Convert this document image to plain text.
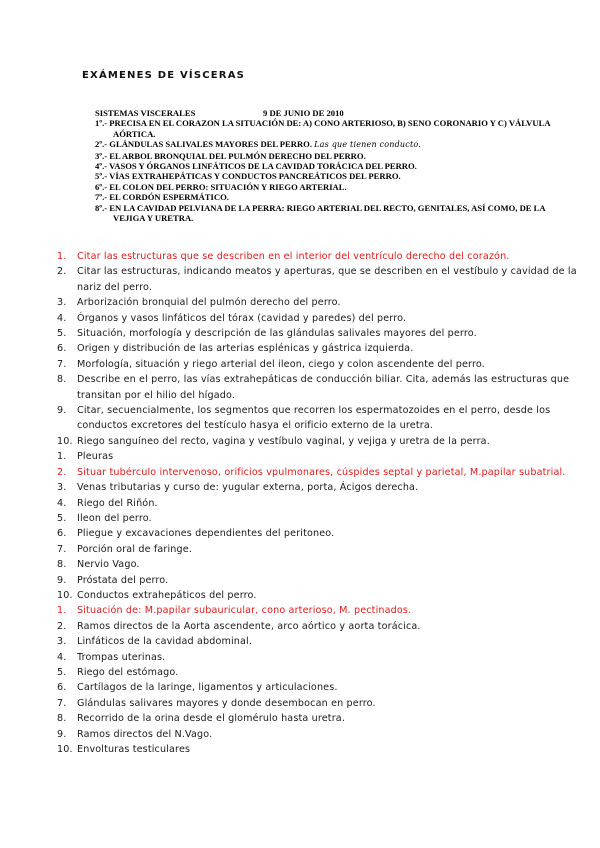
EXÁMENES DE VÍSCERAS
SISTEMAS VISCERALES	9 DE JUNIO DE 2010
1º.- PRECISA EN EL CORAZON LA SITUACIÓN DE: A) CONO ARTERIOSO, B) SENO CORONARIO Y C) VÁLVULA
AÓRTICA.
2º.- GLÁNDULAS SALIVALES MAYORES DEL PERRO. Las que tienen conducto.
3º.- EL ARBOL BRONQUIAL DEL PULMÓN DERECHO DEL PERRO.
4º.- VASOS Y ÓRGANOS LINFÁTICOS DE LA CAVIDAD TORÁCICA DEL PERRO.
5º.- VÍAS EXTRAHEPÁTICAS Y CONDUCTOS PANCREÁTICOS DEL PERRO.
6º.- EL COLON DEL PERRO: SITUACIÓN Y RIEGO ARTERIAL.
7º.- EL CORDÓN ESPERMÁTICO.
8º.- EN LA CAVIDAD PELVIANA DE LA PERRA: RIEGO ARTERIAL DEL RECTO, GENITALES, ASÍ COMO, DE LA
VEJIGA Y URETRA.
1.	Citar las estructuras que se describen en el interior del ventrículo derecho del corazón.
2.	Citar las estructuras, indicando meatos y aperturas, que se describen en el vestíbulo y cavidad de la nariz del perro.
3.	Arborización bronquial del pulmón derecho del perro.
4.	Órganos y vasos linfáticos del tórax (cavidad y paredes) del perro.
5.	Situación, morfología y descripción de las glándulas salivales mayores del perro.
6.	Origen y distribución de las arterias esplénicas y gástrica izquierda.
7.	Morfología, situación y riego arterial del ileon, ciego y colon ascendente del perro.
8.	Describe en el perro, las vías extrahepáticas de conducción biliar. Cita, además las estructuras que transitan por el hilio del hígado.
9.	Citar, secuencialmente, los segmentos que recorren los espermatozoides en el perro, desde los conductos excretores del testículo hasya el orificio externo de la uretra.
10. Riego sanguíneo del recto, vagina y vestíbulo vaginal, y vejiga y uretra de la perra.
1.	Pleuras
2.	Situar tubérculo intervenoso, orificios vpulmonares, cúspides septal y parietal, M.papilar subatrial.
3.	Venas tributarias y curso de: yugular externa, porta, Ácigos derecha.
4.	Riego del Riñón.
5.	Ileon del perro.
6.	Pliegue y excavaciones dependientes del peritoneo.
7.	Porción oral de faringe.
8.	Nervio Vago.
9.	Próstata del perro.
10. Conductos extrahepáticos del perro.
1.	Situación de: M.papilar subauricular, cono arterioso, M. pectinados.
2.	Ramos directos de la Aorta ascendente, arco aórtico y aorta torácica.
3.	Linfáticos de la cavidad abdominal.
4.	Trompas uterinas.
5.	Riego del estómago.
6.	Cartílagos de la laringe, ligamentos y articulaciones.
7.	Glándulas salivares mayores y donde desembocan en perro.
8.	Recorrido de la orina desde el glomérulo hasta uretra.
9.	Ramos directos del N.Vago.
10. Envolturas testiculares
